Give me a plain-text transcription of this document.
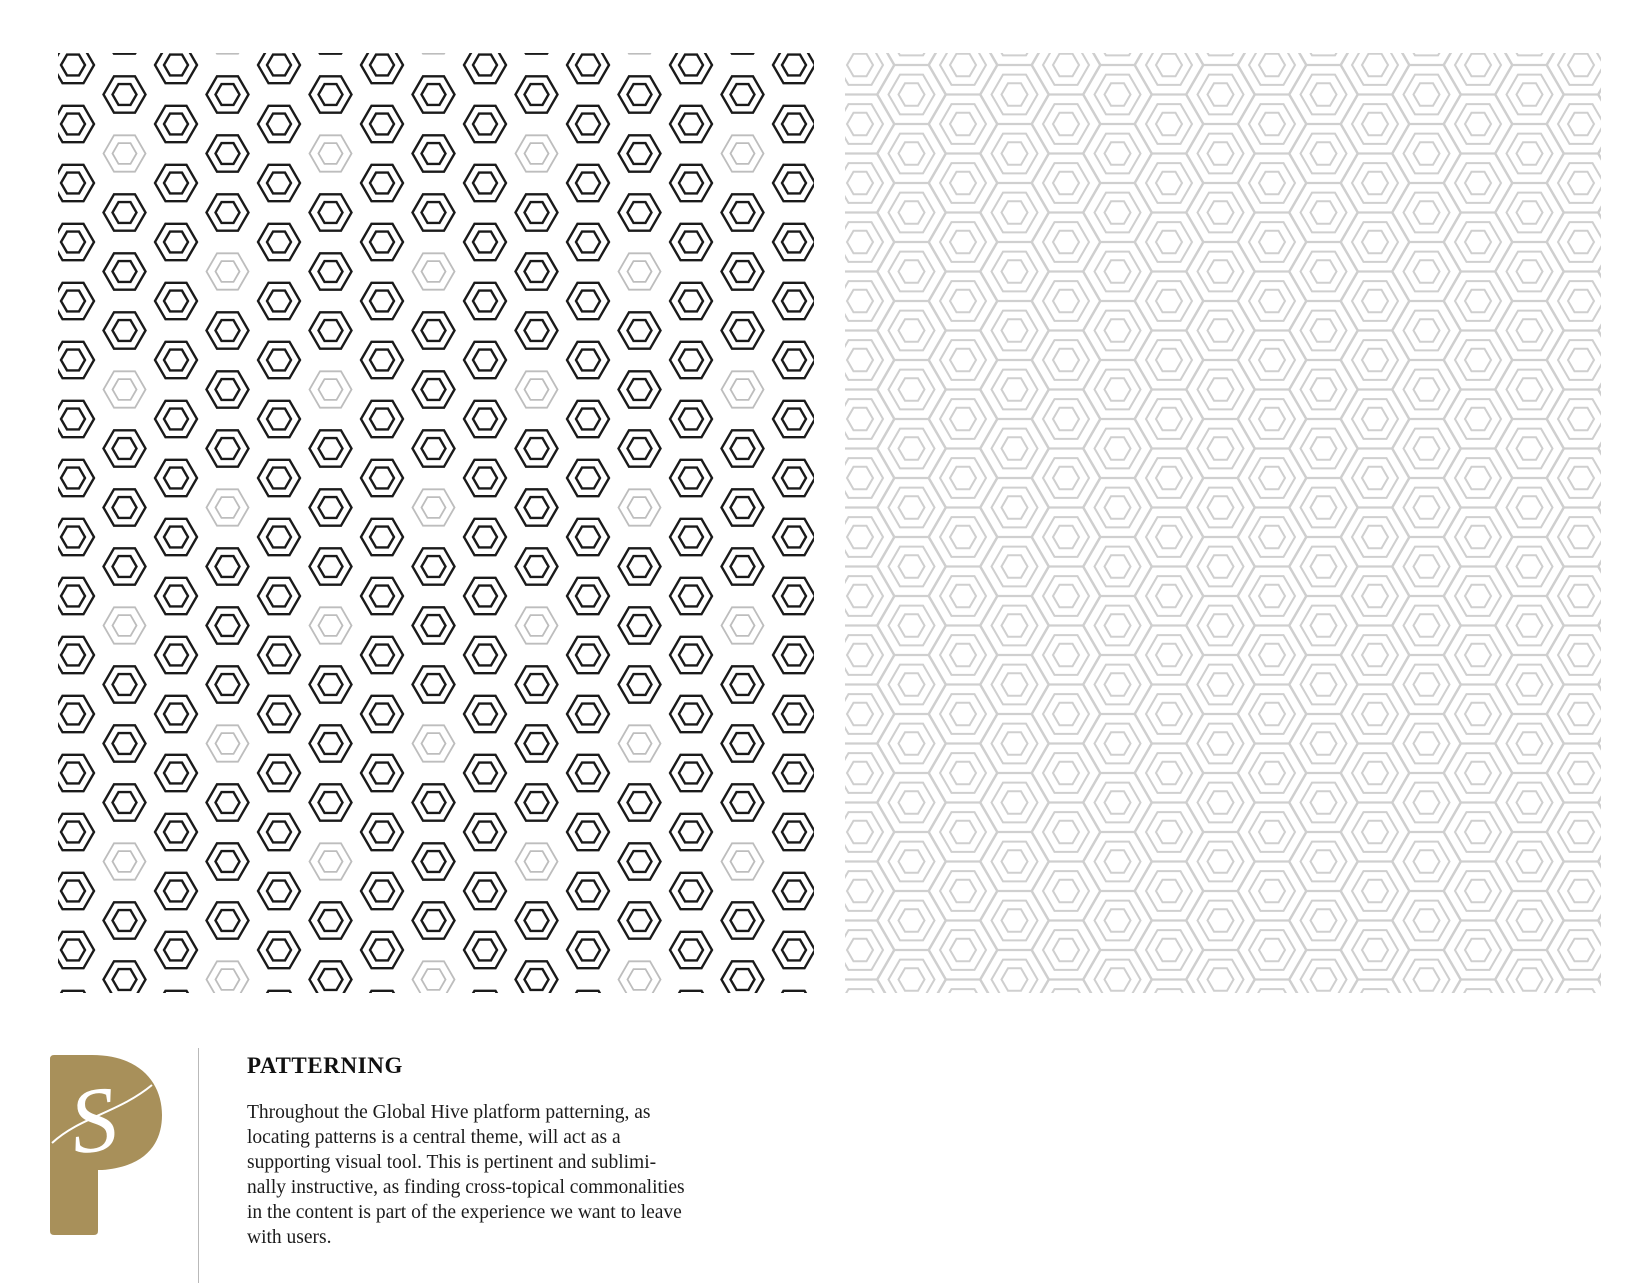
S
PATTERNING

Throughout the Global Hive platform patterning, as
locating patterns is a central theme, will act as a
supporting visual tool. This is pertinent and sublimi-
nally instructive, as finding cross-topical commonalities
in the content is part of the experience we want to leave
with users.
